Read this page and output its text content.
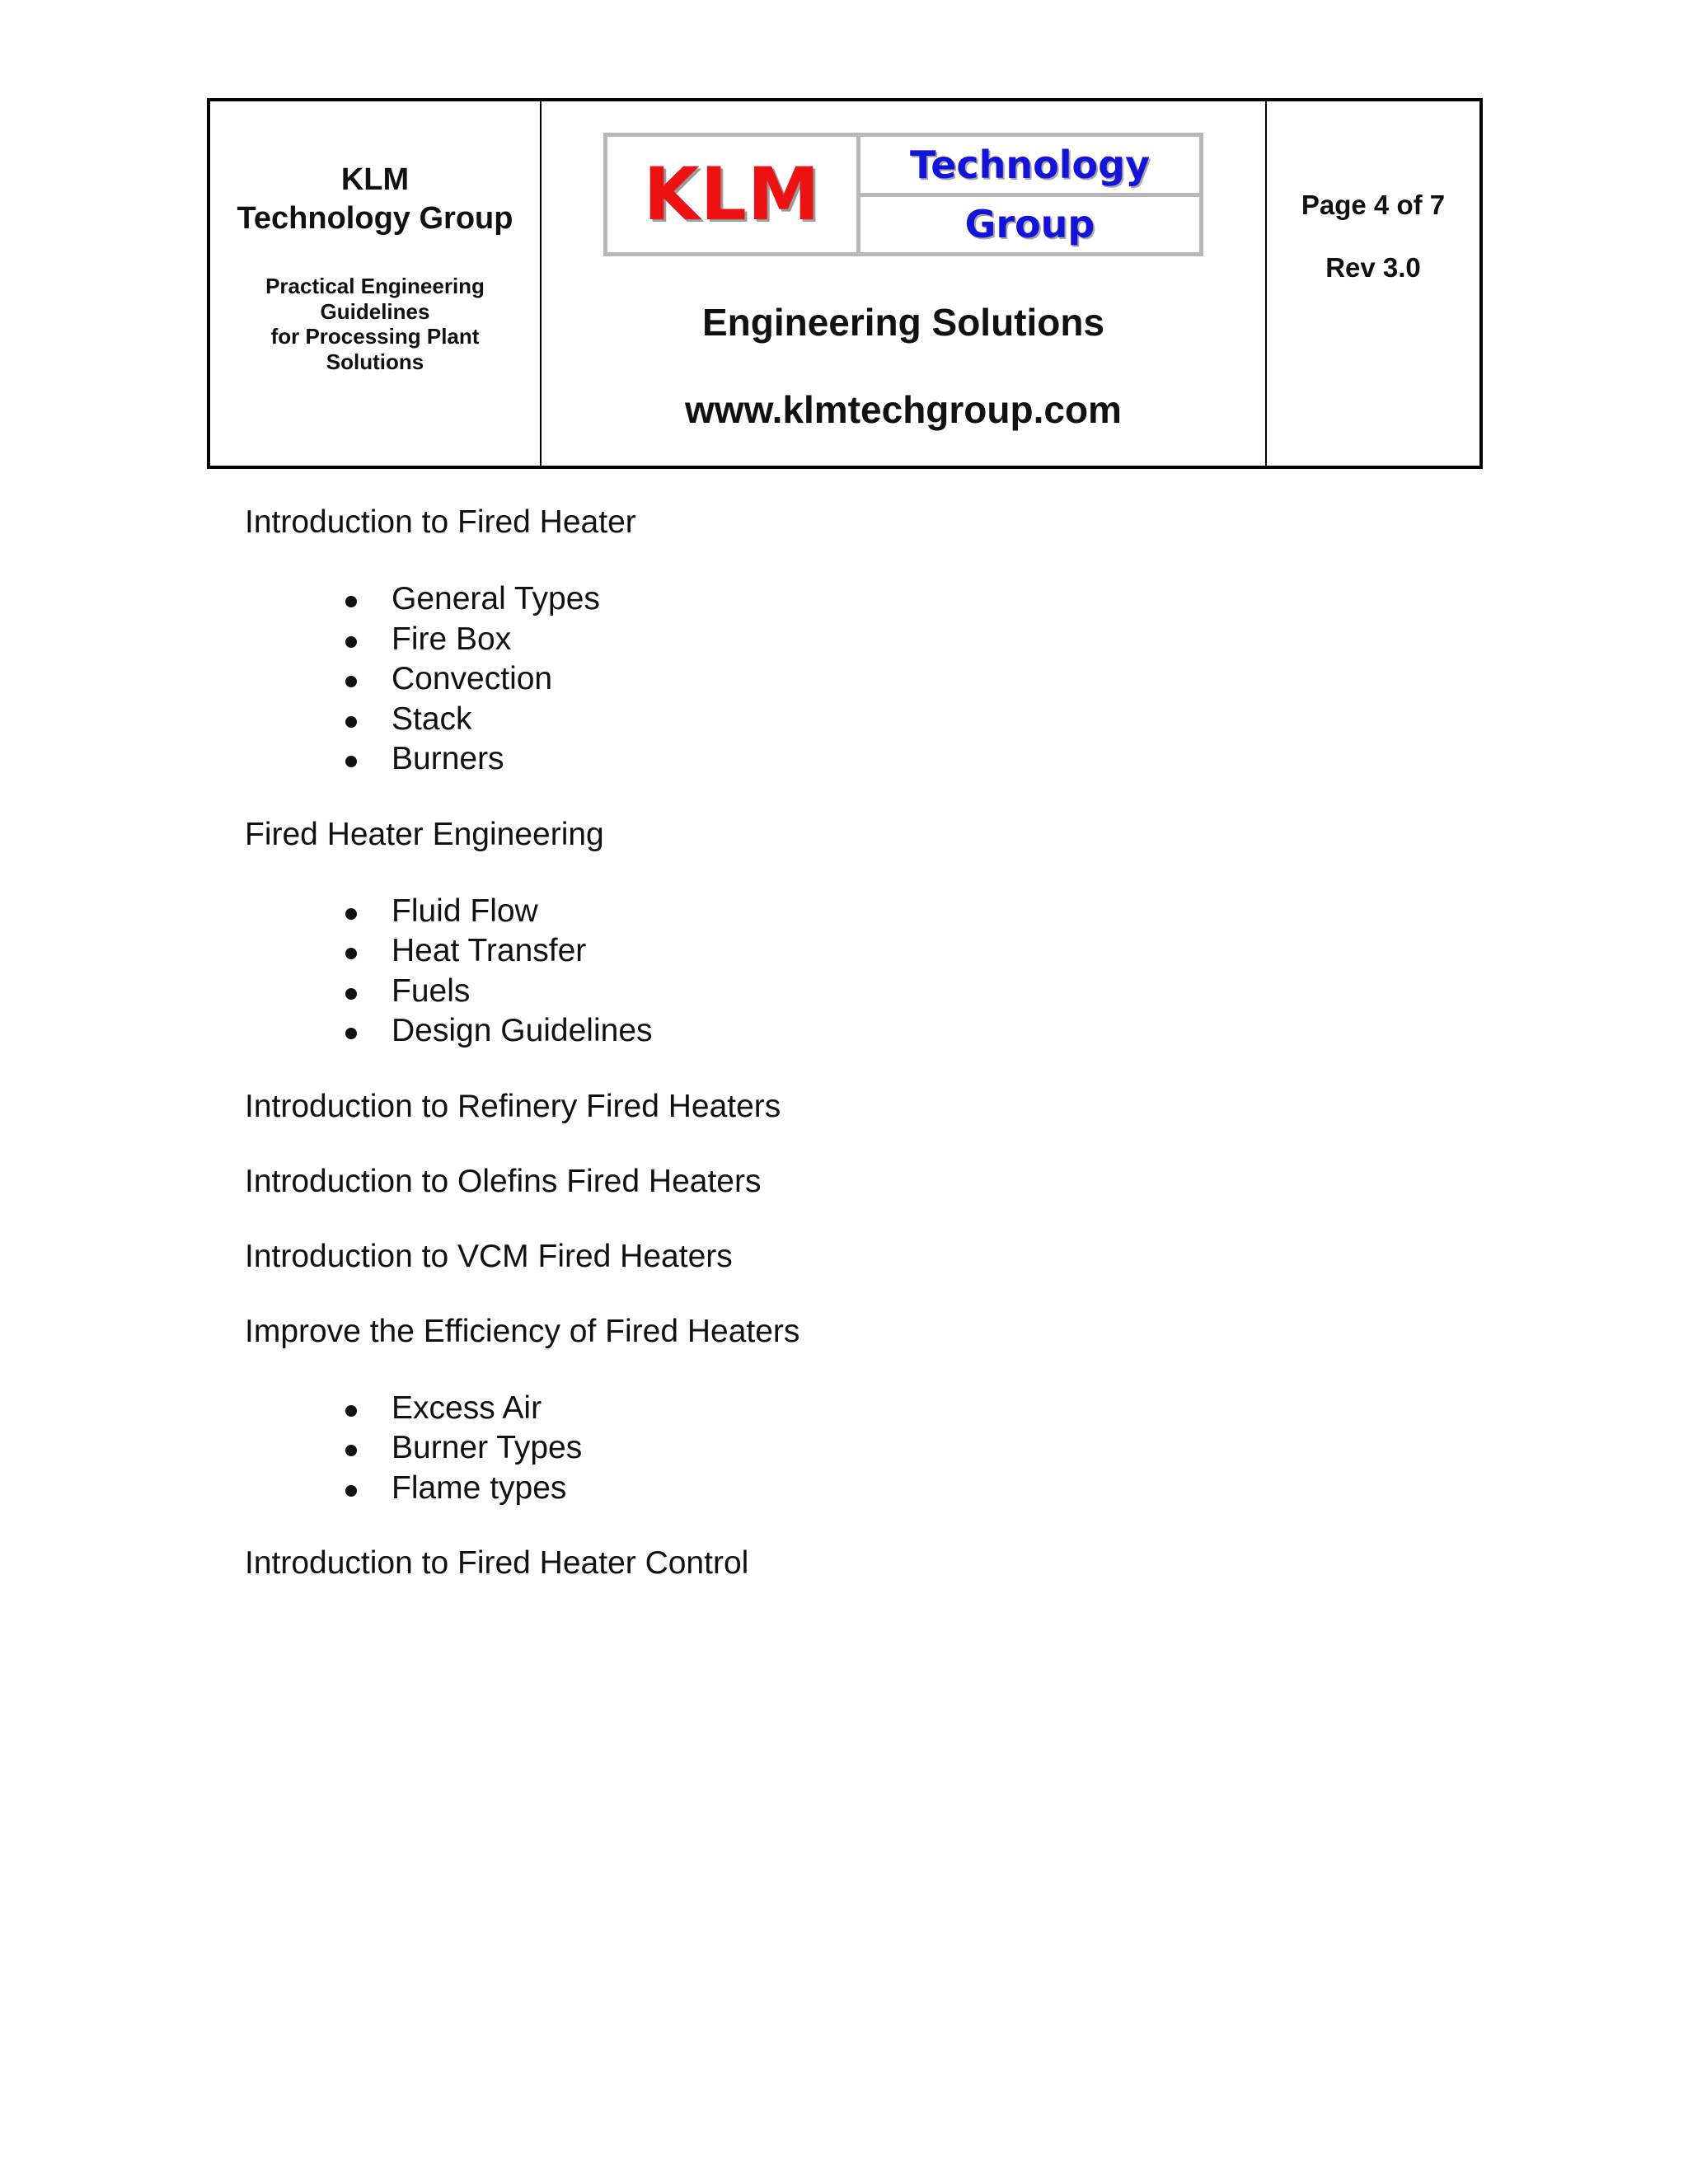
KLM
Technology Group
Practical Engineering
Guidelines
for Processing Plant
Solutions
KLM	Technology
Group
Engineering Solutions
www.klmtechgroup.com
Page 4 of 7
Rev 3.0

Introduction to Fired Heater

General Types
Fire Box
Convection
Stack
Burners

Fired Heater Engineering

Fluid Flow
Heat Transfer
Fuels
Design Guidelines

Introduction to Refinery Fired Heaters

Introduction to Olefins Fired Heaters

Introduction to VCM Fired Heaters

Improve the Efficiency of Fired Heaters

Excess Air
Burner Types
Flame types

Introduction to Fired Heater Control
